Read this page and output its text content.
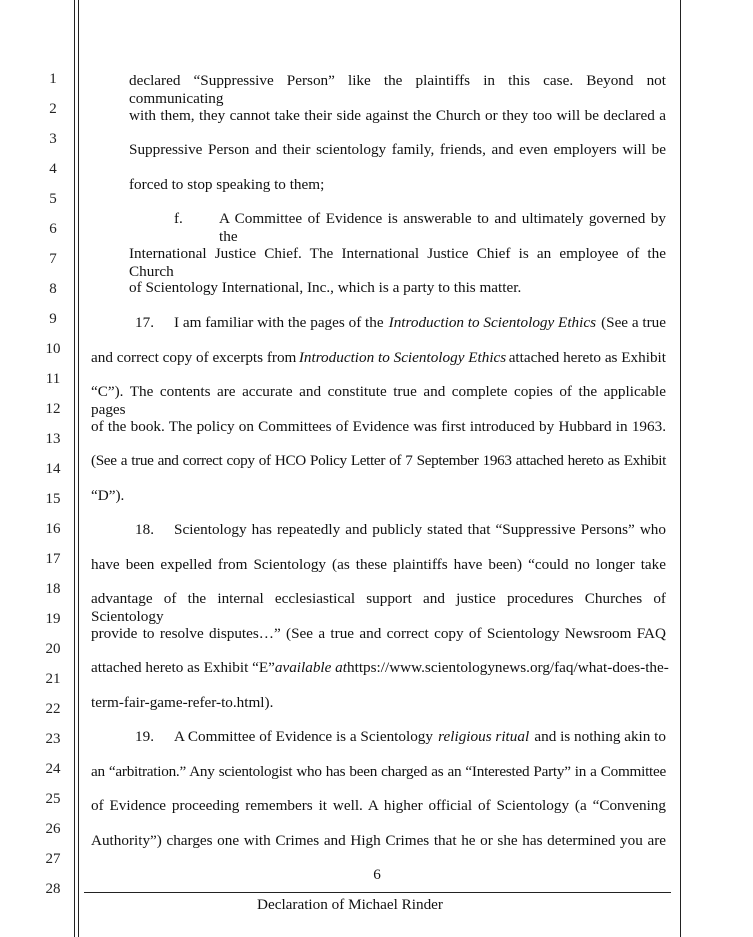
1
2
3
4
5
6
7
8
9
10
11
12
13
14
15
16
17
18
19
20
21
22
23
24
25
26
27
28
declared “Suppressive Person” like the plaintiffs in this case. Beyond not communicating
with them, they cannot take their side against the Church or they too will be declared a
Suppressive Person and their scientology family, friends, and even employers will be
forced to stop speaking to them;
f. A Committee of Evidence is answerable to and ultimately governed by the
International Justice Chief. The International Justice Chief is an employee of the Church
of Scientology International, Inc., which is a party to this matter.
17. I am familiar with the pages of the Introduction to Scientology Ethics (See a true
and correct copy of excerpts from Introduction to Scientology Ethics attached hereto as Exhibit
“C”). The contents are accurate and constitute true and complete copies of the applicable pages
of the book. The policy on Committees of Evidence was first introduced by Hubbard in 1963.
(See a true and correct copy of HCO Policy Letter of 7 September 1963 attached hereto as Exhibit
“D”).
18. Scientology has repeatedly and publicly stated that “Suppressive Persons” who
have been expelled from Scientology (as these plaintiffs have been) “could no longer take
advantage of the internal ecclesiastical support and justice procedures Churches of Scientology
provide to resolve disputes…” (See a true and correct copy of Scientology Newsroom FAQ
attached hereto as Exhibit “E” available at https://www.scientologynews.org/faq/what-does-the-
term-fair-game-refer-to.html).
19. A Committee of Evidence is a Scientology religious ritual and is nothing akin to
an “arbitration.” Any scientologist who has been charged as an “Interested Party” in a Committee
of Evidence proceeding remembers it well. A higher official of Scientology (a “Convening
Authority”) charges one with Crimes and High Crimes that he or she has determined you are
6
Declaration of Michael Rinder
